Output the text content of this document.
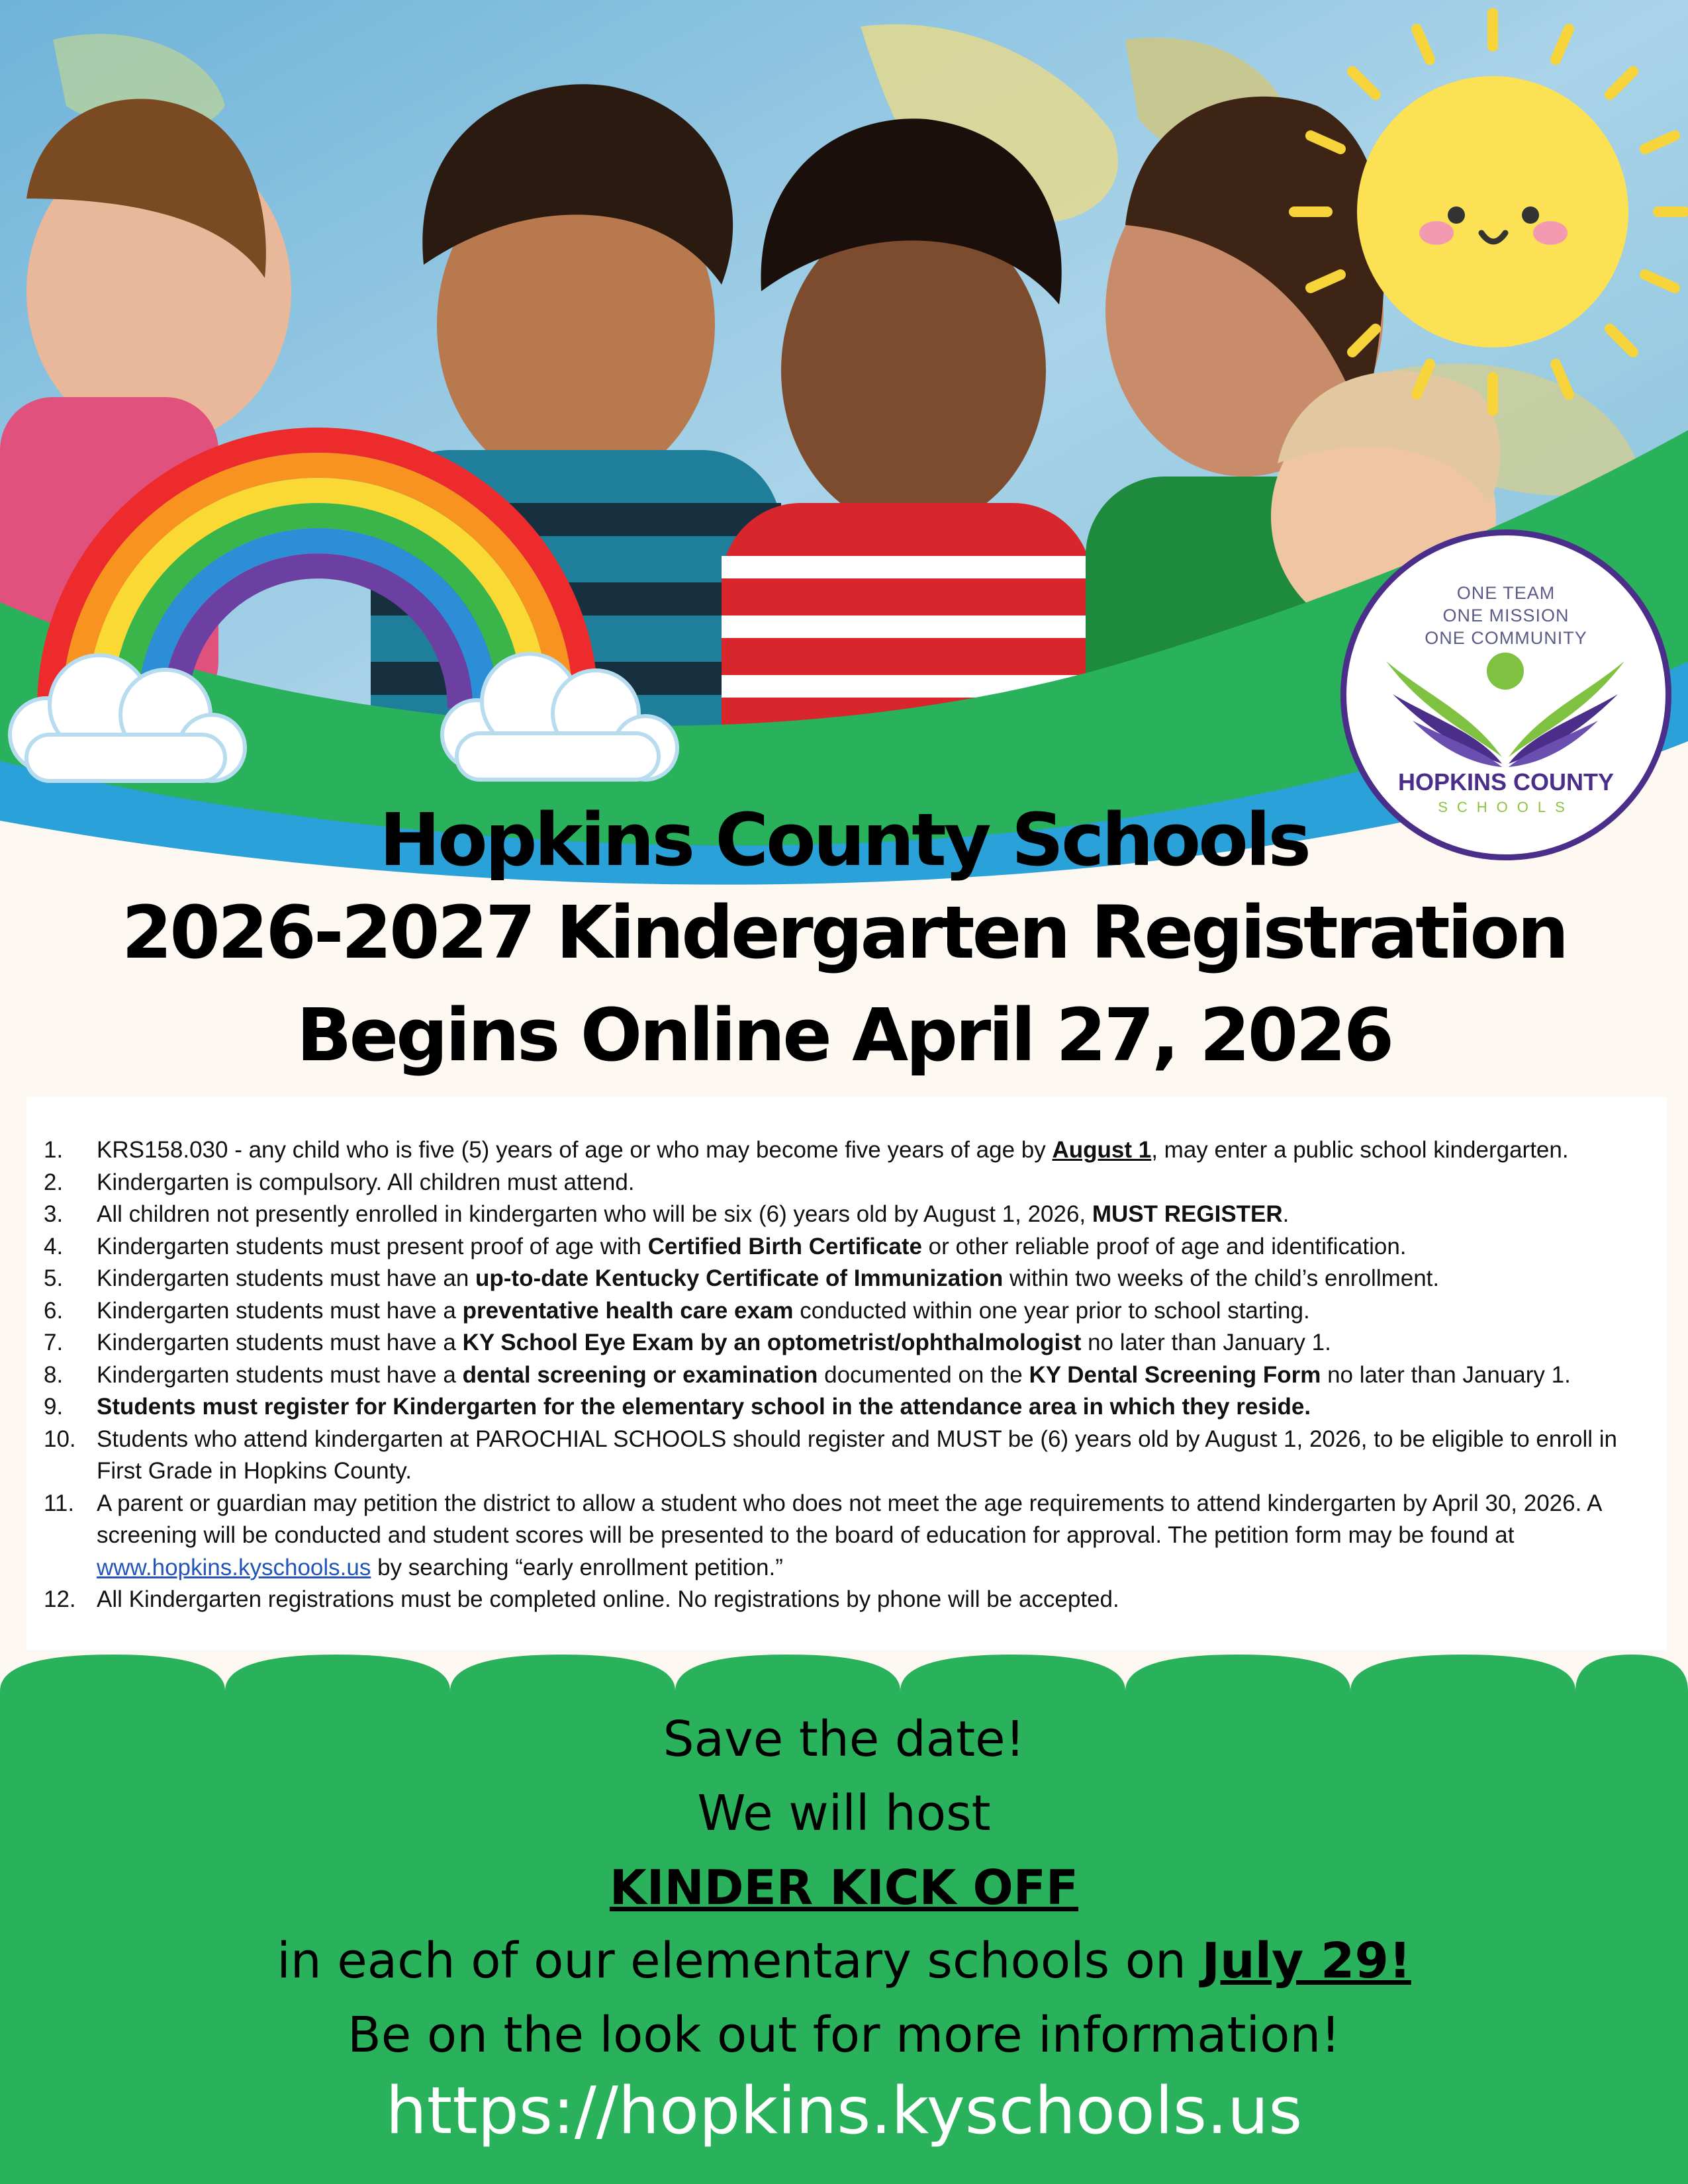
ONE TEAM
ONE MISSION
ONE COMMUNITY
HOPKINS COUNTY
SCHOOLS
Hopkins County Schools
2026-2027 Kindergarten Registration
Begins Online April 27, 2026
1.	KRS158.030 - any child who is five (5) years of age or who may become five years of age by August 1, may enter a public school kindergarten.
2.	Kindergarten is compulsory. All children must attend.
3.	All children not presently enrolled in kindergarten who will be six (6) years old by August 1, 2026, MUST REGISTER.
4.	Kindergarten students must present proof of age with Certified Birth Certificate or other reliable proof of age and identification.
5.	Kindergarten students must have an up-to-date Kentucky Certificate of Immunization within two weeks of the child’s enrollment.
6.	Kindergarten students must have a preventative health care exam conducted within one year prior to school starting.
7.	Kindergarten students must have a KY School Eye Exam by an optometrist/ophthalmologist no later than January 1.
8.	Kindergarten students must have a dental screening or examination documented on the KY Dental Screening Form no later than January 1.
9.	Students must register for Kindergarten for the elementary school in the attendance area in which they reside.
10. Students who attend kindergarten at PAROCHIAL SCHOOLS should register and MUST be (6) years old by August 1, 2026, to be eligible to enroll in First Grade in Hopkins County.
11. A parent or guardian may petition the district to allow a student who does not meet the age requirements to attend kindergarten by April 30, 2026. A screening will be conducted and student scores will be presented to the board of education for approval. The petition form may be found at www.hopkins.kyschools.us by searching “early enrollment petition.”
12. All Kindergarten registrations must be completed online. No registrations by phone will be accepted.
Save the date!
We will host
KINDER KICK OFF
in each of our elementary schools on July 29!
Be on the look out for more information!
https://hopkins.kyschools.us
